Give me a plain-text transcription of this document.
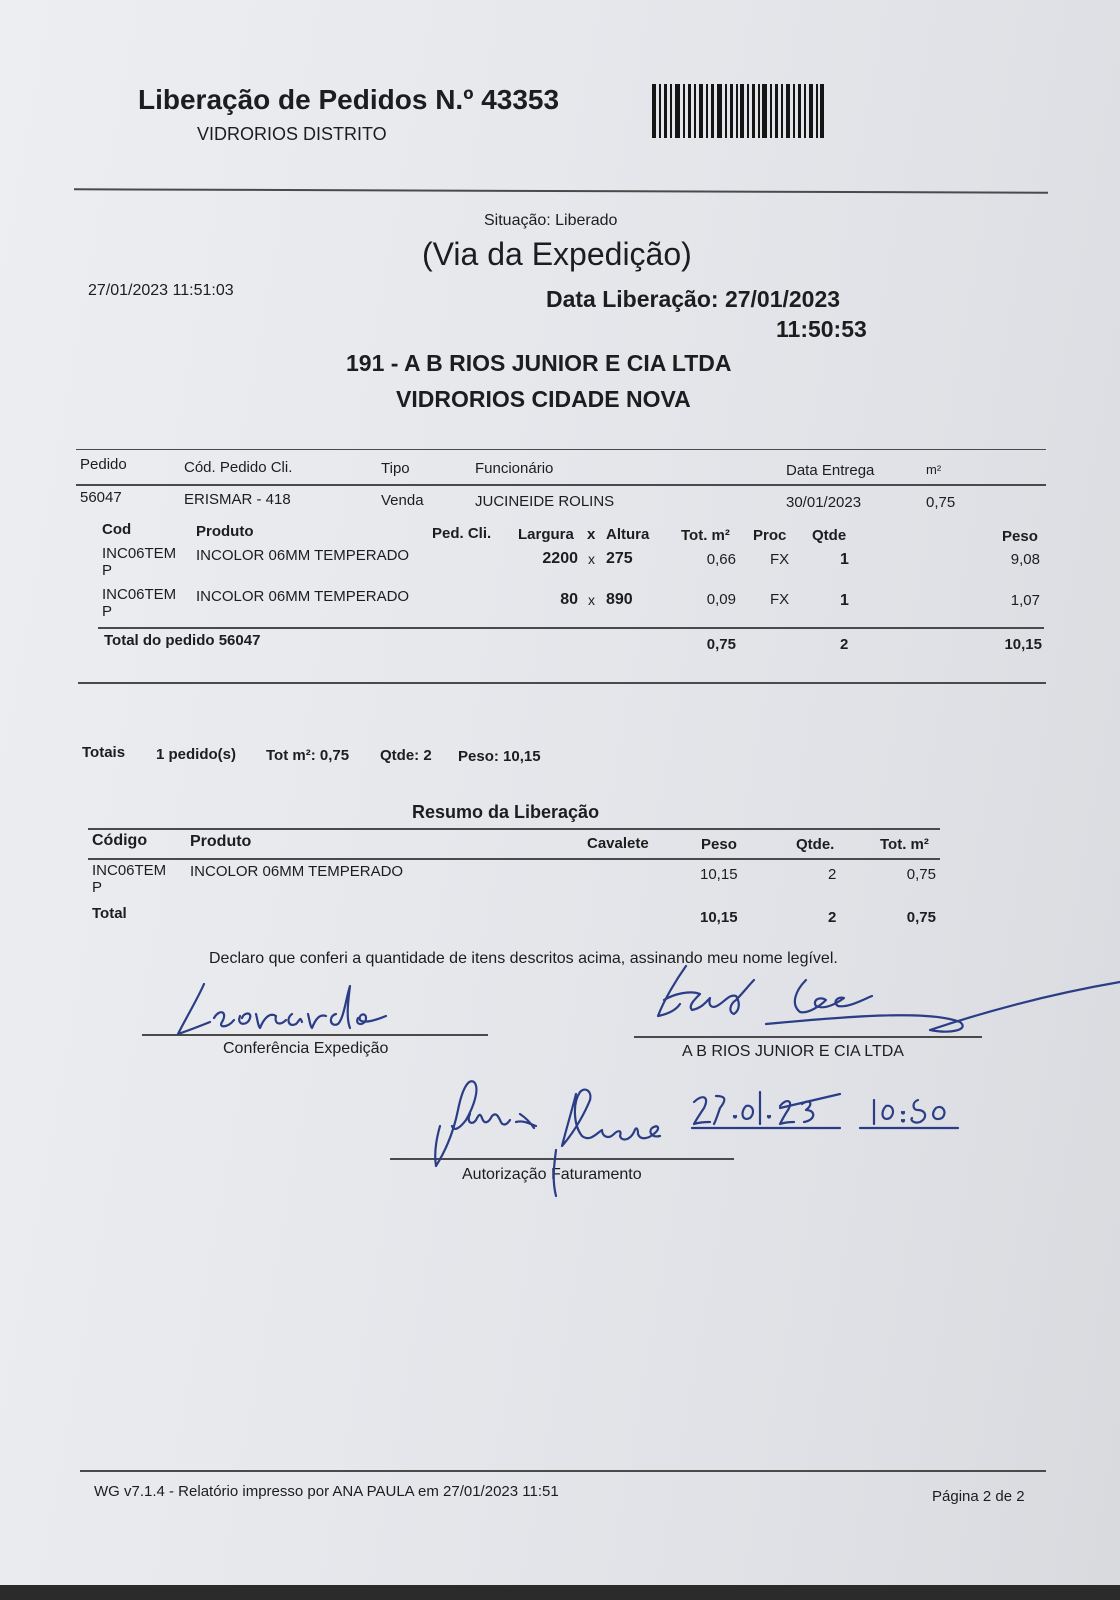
Liberação de Pedidos N.º 43353
VIDRORIOS DISTRITO
Situação: Liberado
(Via da Expedição)
27/01/2023 11:51:03	Data Liberação: 27/01/2023
11:50:53
191 - A B RIOS JUNIOR E CIA LTDA
VIDRORIOS CIDADE NOVA
Pedido	Cód. Pedido Cli.	Tipo	Funcionário	Data Entrega	m²
56047	ERISMAR - 418	Venda	JUCINEIDE ROLINS	30/01/2023	0,75
Cod	Produto	Ped. Cli. Largura x Altura Tot. m² Proc Qtde	Peso
INC06TEM
P
INCOLOR 06MM TEMPERADO	2200 x 275	0,66 FX	1	9,08
INC06TEM
P
INCOLOR 06MM TEMPERADO	80 x 890	0,09 FX	1	1,07
Total do pedido 56047	0,75	2	10,15
Totais 1 pedido(s) Tot m²: 0,75 Qtde: 2 Peso: 10,15
Resumo da Liberação
Código	Produto	Cavalete	Peso	Qtde.	Tot. m²
INC06TEM
P
INCOLOR 06MM TEMPERADO	10,15	2	0,75
Total	10,15	2	0,75
Declaro que conferi a quantidade de itens descritos acima, assinando meu nome legível.
Conferência Expedição	A B RIOS JUNIOR E CIA LTDA
Autorização Faturamento
WG v7.1.4 - Relatório impresso por ANA PAULA em 27/01/2023 11:51	Página 2 de 2
